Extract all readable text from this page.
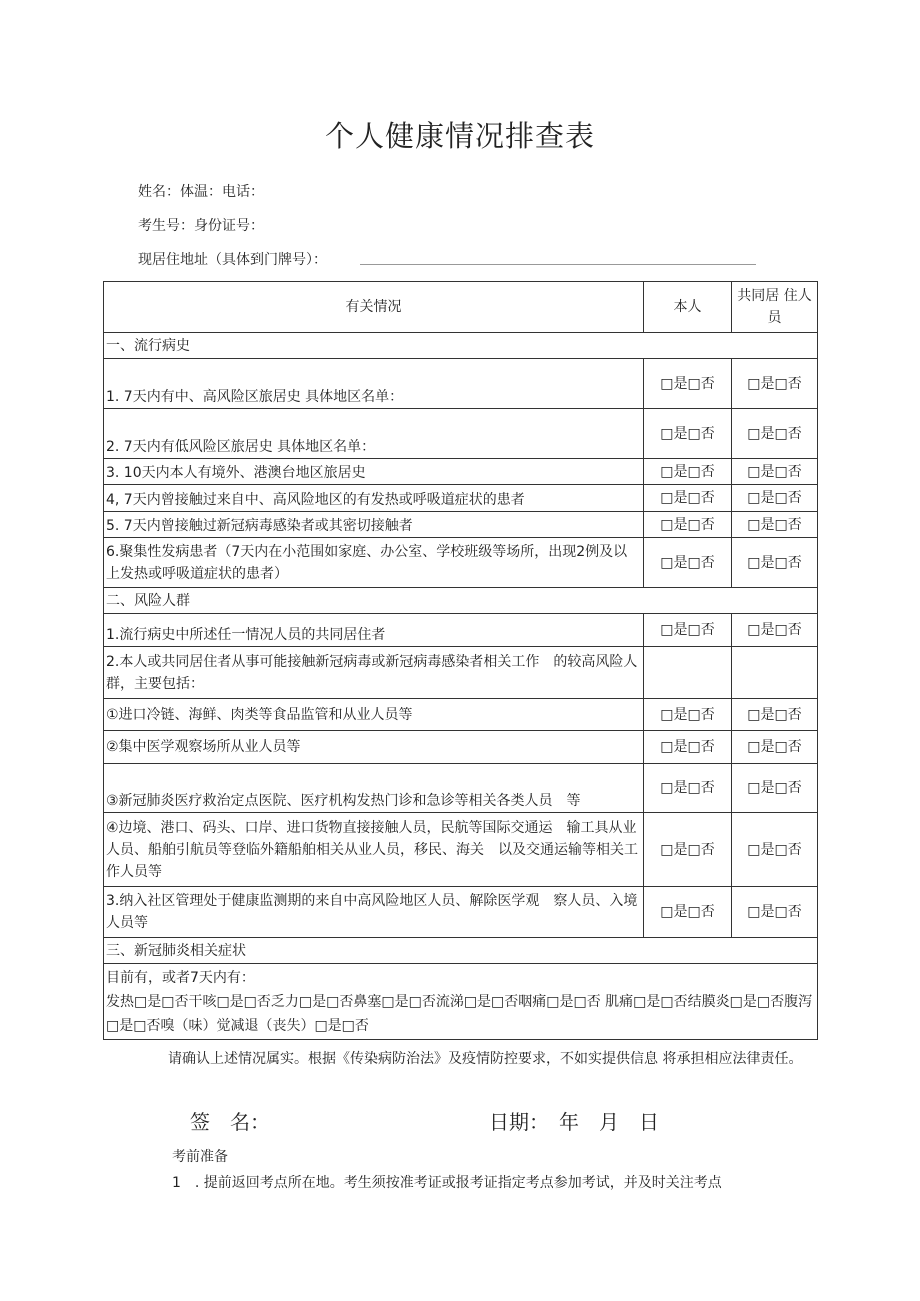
个人健康情况排查表
姓名：体温：电话：
考生号：身份证号：
现居住地址（具体到门牌号）：
有关情况	本人	共同居 住人员
一、流行病史		
1. 7天内有中、高风险区旅居史 具体地区名单：	□是□否	□是□否
2. 7天内有低风险区旅居史 具体地区名单：	□是□否	□是□否
3. 10天内本人有境外、港澳台地区旅居史	□是□否	□是□否
4, 7天内曾接触过来自中、高风险地区的有发热或呼吸道症状的患者	□是□否	□是□否
5. 7天内曾接触过新冠病毒感染者或其密切接触者	□是□否	□是□否
6.聚集性发病患者（7天内在小范围如家庭、办公室、学校班级等场所，出现2例及以上发热或呼吸道症状的患者）	□是□否	□是□否
二、风险人群		
1.流行病史中所述任一情况人员的共同居住者	□是□否	□是□否
2.本人或共同居住者从事可能接触新冠病毒或新冠病毒感染者相关工作　的较高风险人群，主要包括：		
①进口冷链、海鲜、肉类等食品监管和从业人员等	□是□否	□是□否
②集中医学观察场所从业人员等	□是□否	□是□否
③新冠肺炎医疗救治定点医院、医疗机构发热门诊和急诊等相关各类人员　等	□是□否	□是□否
④边境、港口、码头、口岸、进口货物直接接触人员，民航等国际交通运　输工具从业人员、船舶引航员等登临外籍船舶相关从业人员，移民、海关　以及交通运输等相关工作人员等	□是□否	□是□否
3.纳入社区管理处于健康监测期的来自中高风险地区人员、解除医学观　察人员、入境人员等	□是□否	□是□否
三、新冠肺炎相关症状		

目前有，或者7天内有：
发热□是□否干咳□是□否乏力□是□否鼻塞□是□否流涕□是□否咽痛□是□否 肌痛□是□否结膜炎□是□否腹泻□是□否嗅（味）觉减退（丧失）□是□否		
请确认上述情况属实。根据《传染病防治法》及疫情防控要求，不如实提供信息 将承担相应法律责任。
签　名：	日期：　年　月　日
考前准备
1　. 提前返回考点所在地。考生须按准考证或报考证指定考点参加考试，并及时关注考点
